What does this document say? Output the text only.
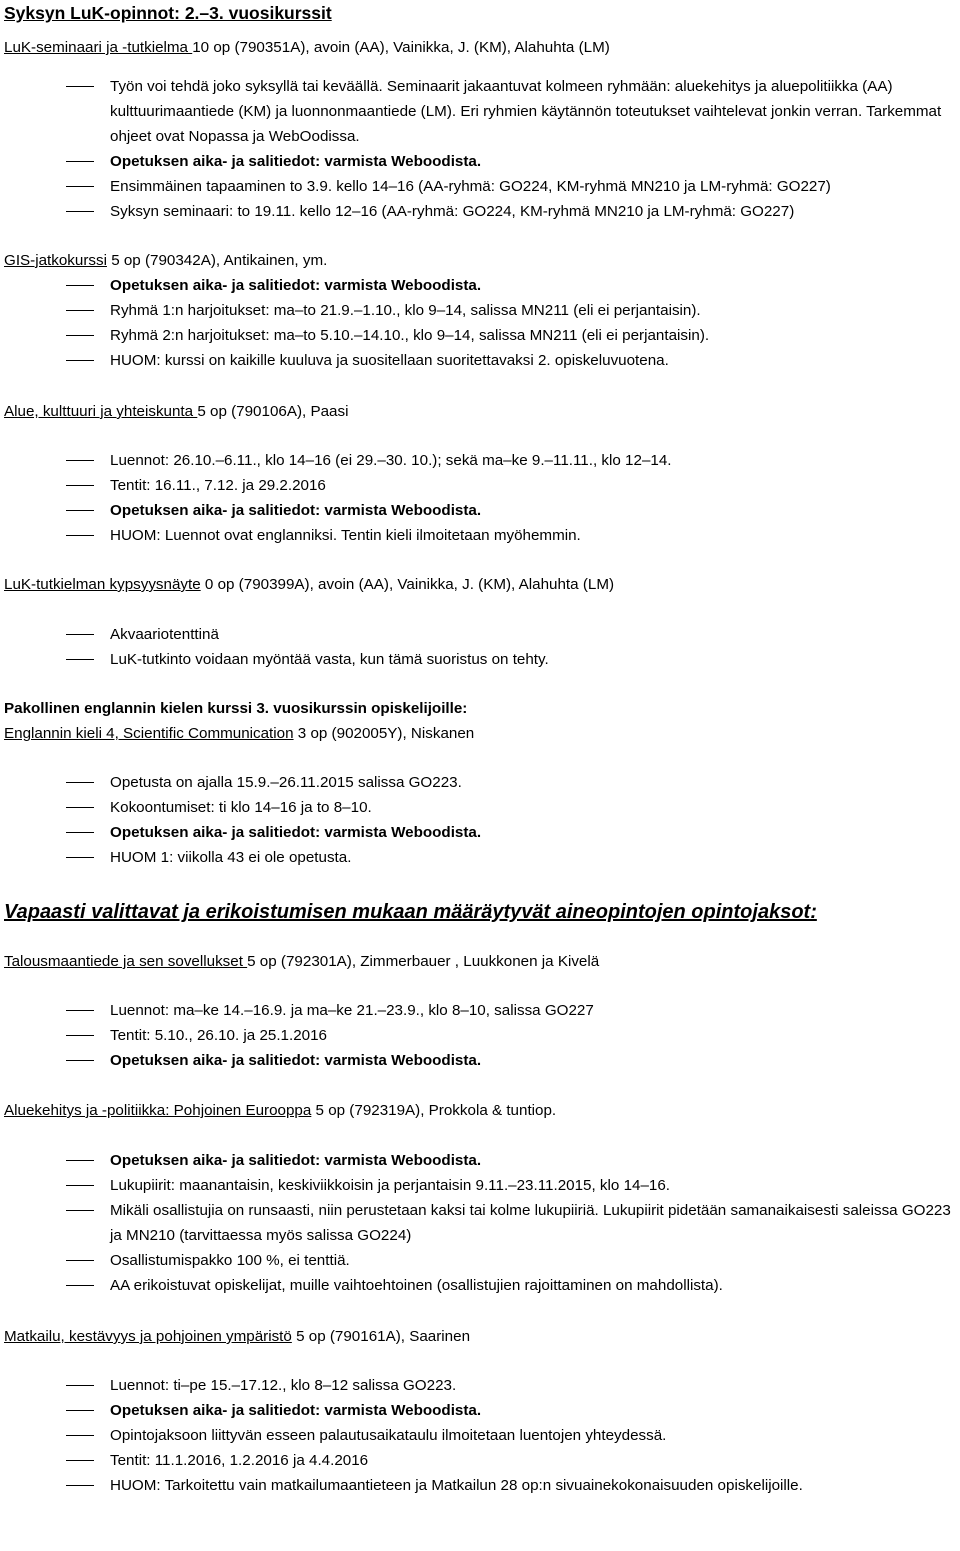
Syksyn LuK-opinnot: 2.–3. vuosikurssit

LuK-seminaari ja -tutkielma 10 op (790351A), avoin (AA), Vainikka, J. (KM), Alahuhta (LM)

Työn voi tehdä joko syksyllä tai keväällä. Seminaarit jakaantuvat kolmeen ryhmään: aluekehitys ja aluepolitiikka (AA) kulttuurimaantiede (KM) ja luonnonmaantiede (LM). Eri ryhmien käytännön toteutukset vaihtelevat jonkin verran. Tarkemmat ohjeet ovat Nopassa ja WebOodissa.
Opetuksen aika- ja salitiedot: varmista Weboodista.
Ensimmäinen tapaaminen to 3.9. kello 14–16 (AA-ryhmä: GO224, KM-ryhmä MN210 ja LM-ryhmä: GO227)
Syksyn seminaari: to 19.11. kello 12–16 (AA-ryhmä: GO224, KM-ryhmä MN210 ja LM-ryhmä: GO227)

GIS-jatkokurssi 5 op (790342A), Antikainen, ym.

Opetuksen aika- ja salitiedot: varmista Weboodista.
Ryhmä 1:n harjoitukset: ma–to 21.9.–1.10., klo 9–14, salissa MN211 (eli ei perjantaisin).
Ryhmä 2:n harjoitukset: ma–to 5.10.–14.10., klo 9–14, salissa MN211 (eli ei perjantaisin).
HUOM: kurssi on kaikille kuuluva ja suositellaan suoritettavaksi 2. opiskeluvuotena.

Alue, kulttuuri ja yhteiskunta 5 op (790106A), Paasi

Luennot: 26.10.–6.11., klo 14–16 (ei 29.–30. 10.); sekä ma–ke 9.–11.11., klo 12–14.
Tentit: 16.11., 7.12. ja 29.2.2016
Opetuksen aika- ja salitiedot: varmista Weboodista.
HUOM: Luennot ovat englanniksi. Tentin kieli ilmoitetaan myöhemmin.

LuK-tutkielman kypsyysnäyte 0 op (790399A), avoin (AA), Vainikka, J. (KM), Alahuhta (LM)

Akvaariotenttinä
LuK-tutkinto voidaan myöntää vasta, kun tämä suoristus on tehty.

Pakollinen englannin kielen kurssi 3. vuosikurssin opiskelijoille:

Englannin kieli 4, Scientific Communication 3 op (902005Y), Niskanen

Opetusta on ajalla 15.9.–26.11.2015 salissa GO223.
Kokoontumiset: ti klo 14–16 ja to 8–10.
Opetuksen aika- ja salitiedot: varmista Weboodista.
HUOM 1: viikolla 43 ei ole opetusta.

Vapaasti valittavat ja erikoistumisen mukaan määräytyvät aineopintojen opintojaksot:

Talousmaantiede ja sen sovellukset 5 op (792301A), Zimmerbauer , Luukkonen ja Kivelä

Luennot: ma–ke 14.–16.9. ja ma–ke 21.–23.9., klo 8–10, salissa GO227
Tentit: 5.10., 26.10. ja 25.1.2016
Opetuksen aika- ja salitiedot: varmista Weboodista.

Aluekehitys ja -politiikka: Pohjoinen Eurooppa 5 op (792319A), Prokkola & tuntiop.

Opetuksen aika- ja salitiedot: varmista Weboodista.
Lukupiirit: maanantaisin, keskiviikkoisin ja perjantaisin 9.11.–23.11.2015, klo 14–16.
Mikäli osallistujia on runsaasti, niin perustetaan kaksi tai kolme lukupiiriä. Lukupiirit pidetään samanaikaisesti saleissa GO223 ja MN210 (tarvittaessa myös salissa GO224)
Osallistumispakko 100 %, ei tenttiä.
AA erikoistuvat opiskelijat, muille vaihtoehtoinen (osallistujien rajoittaminen on mahdollista).

Matkailu, kestävyys ja pohjoinen ympäristö 5 op (790161A), Saarinen

Luennot: ti–pe 15.–17.12., klo 8–12 salissa GO223.
Opetuksen aika- ja salitiedot: varmista Weboodista.
Opintojaksoon liittyvän esseen palautusaikataulu ilmoitetaan luentojen yhteydessä.
Tentit: 11.1.2016, 1.2.2016 ja 4.4.2016
HUOM: Tarkoitettu vain matkailumaantieteen ja Matkailun 28 op:n sivuainekokonaisuuden opiskelijoille.
